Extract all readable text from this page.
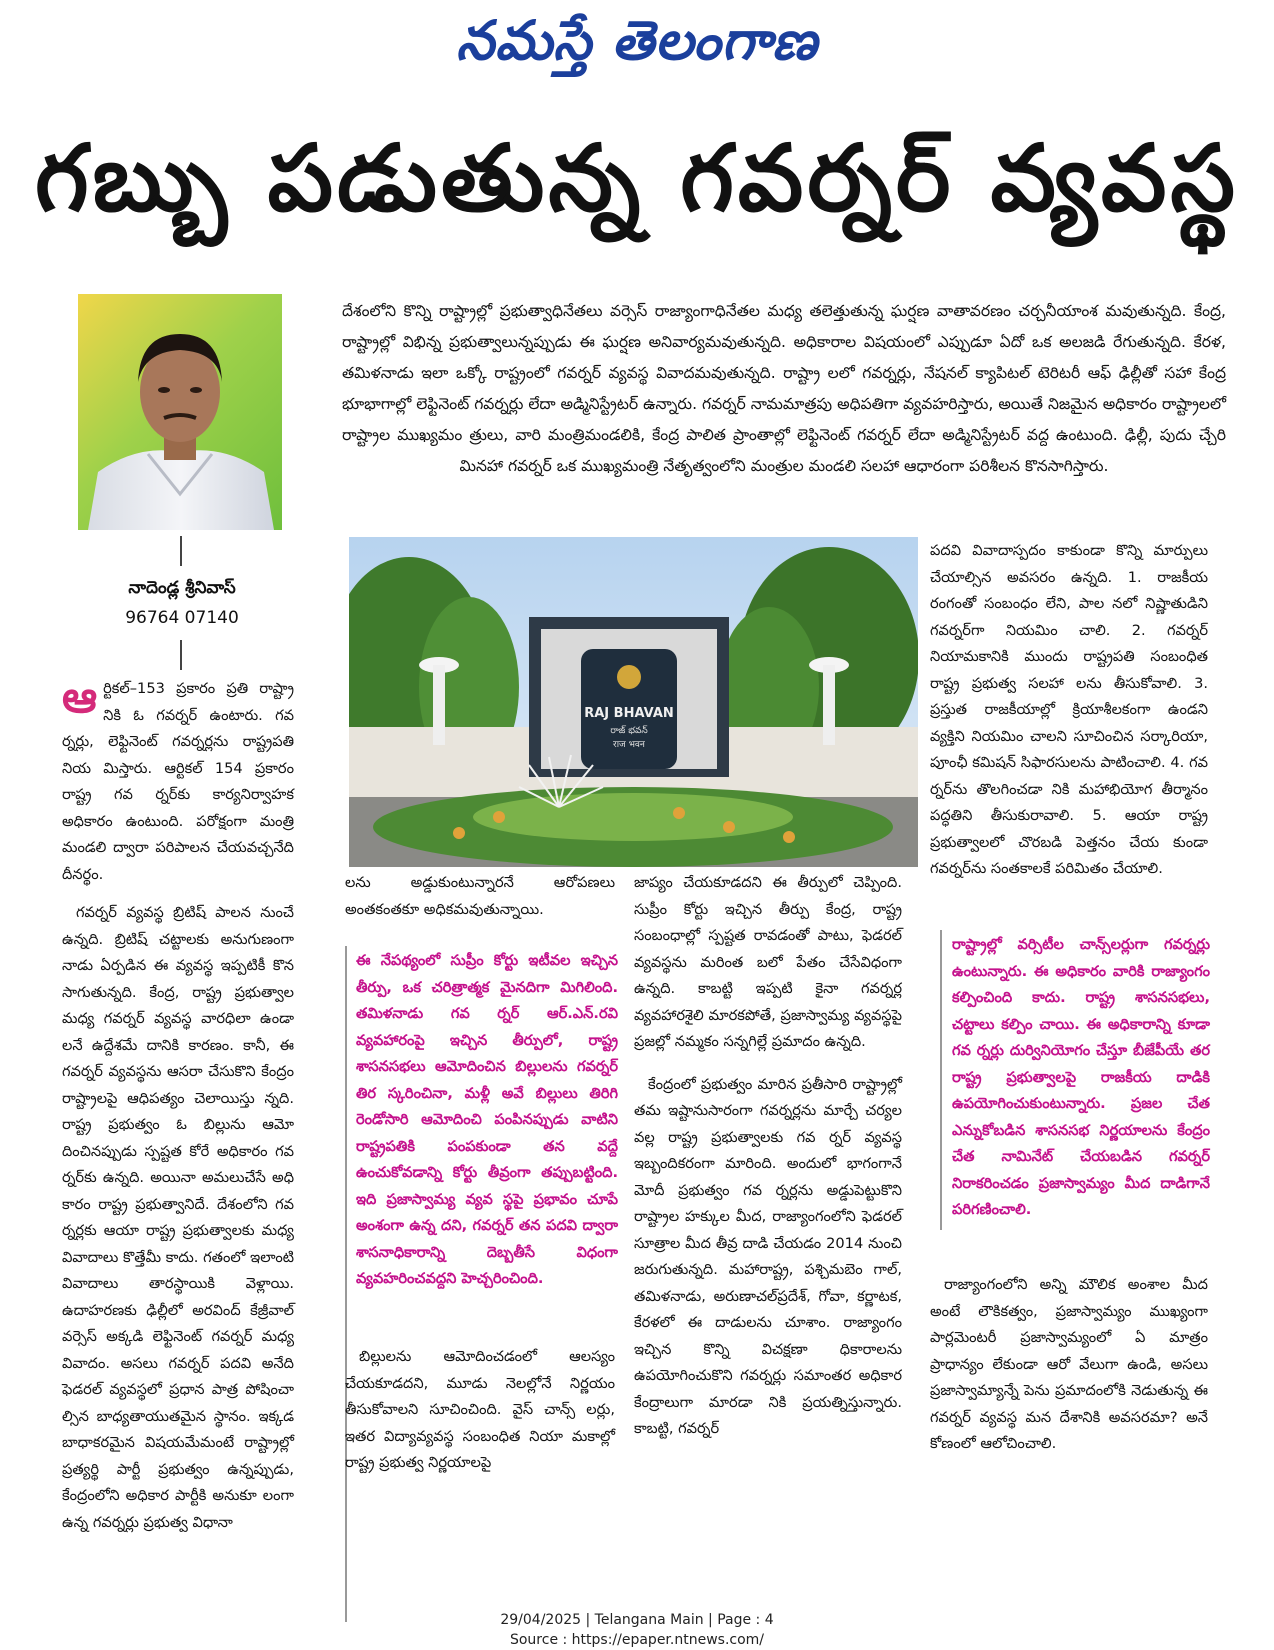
నమస్తే తెలంగాణ
గబ్బు పడుతున్న గవర్నర్ వ్యవస్థ
నాదెండ్ల శ్రీనివాస్
96764 07140
దేశంలోని కొన్ని రాష్ట్రాల్లో ప్రభుత్వాధినేతలు వర్సెస్ రాజ్యాంగాధినేతల మధ్య తలెత్తుతున్న ఘర్షణ వాతావరణం చర్చనీయాంశ మవుతున్నది. కేంద్ర, రాష్ట్రాల్లో విభిన్న ప్రభుత్వాలున్నప్పుడు ఈ ఘర్షణ అనివార్యమవుతున్నది. అధికారాల విషయంలో ఎప్పుడూ ఏదో ఒక అలజడి రేగుతున్నది. కేరళ, తమిళనాడు ఇలా ఒక్కో రాష్ట్రంలో గవర్నర్ వ్యవస్థ వివాదమవుతున్నది. రాష్ట్రా లలో గవర్నర్లు, నేషనల్ క్యాపిటల్ టెరిటరీ ఆఫ్ ఢిల్లీతో సహా కేంద్ర భూభాగాల్లో లెఫ్టినెంట్ గవర్నర్లు లేదా అడ్మినిస్ట్రేటర్ ఉన్నారు. గవర్నర్ నామమాత్రపు అధిపతిగా వ్యవహరిస్తారు, అయితే నిజమైన అధికారం రాష్ట్రాలలో రాష్ట్రాల ముఖ్యమం త్రులు, వారి మంత్రిమండలికి, కేంద్ర పాలిత ప్రాంతాల్లో లెఫ్టినెంట్ గవర్నర్ లేదా అడ్మినిస్ట్రేటర్ వద్ద ఉంటుంది. ఢిల్లీ, పుదు చ్చేరి మినహా గవర్నర్ ఒక ముఖ్యమంత్రి నేతృత్వంలోని మంత్రుల మండలి సలహా ఆధారంగా పరిశీలన కొనసాగిస్తారు.
RAJ BHAVAN
రాజ్ భవన్
राज भवन

ఆర్టికల్–153 ప్రకారం ప్రతి రాష్ట్రా నికి ఓ గవర్నర్ ఉంటారు. గవ ర్నర్లు, లెఫ్టినెంట్ గవర్నర్లను రాష్ట్రపతి నియ మిస్తారు. ఆర్టికల్ 154 ప్రకారం రాష్ట్ర గవ ర్నర్‌కు కార్యనిర్వాహక అధికారం ఉంటుంది. పరోక్షంగా మంత్రి మండలి ద్వారా పరిపాలన చేయవచ్చనేది దీనర్థం.

గవర్నర్ వ్యవస్థ బ్రిటిష్ పాలన నుంచే ఉన్నది. బ్రిటిష్ చట్టాలకు అనుగుణంగా నాడు ఏర్పడిన ఈ వ్యవస్థ ఇప్పటికీ కొన సాగుతున్నది. కేంద్ర, రాష్ట్ర ప్రభుత్వాల మధ్య గవర్నర్ వ్యవస్థ వారధిలా ఉండా లనే ఉద్దేశమే దానికి కారణం. కానీ, ఈ గవర్నర్ వ్యవస్థను ఆసరా చేసుకొని కేంద్రం రాష్ట్రాలపై ఆధిపత్యం చెలాయిస్తు న్నది. రాష్ట్ర ప్రభుత్వం ఓ బిల్లును ఆమో దించినప్పుడు స్పష్టత కోరే అధికారం గవ ర్నర్‌కు ఉన్నది. అయినా అమలుచేసే అధి కారం రాష్ట్ర ప్రభుత్వానిదే. దేశంలోని గవ ర్నర్లకు ఆయా రాష్ట్ర ప్రభుత్వాలకు మధ్య వివాదాలు కొత్తేమీ కాదు. గతంలో ఇలాంటి వివాదాలు తారస్థాయికి వెళ్లాయి. ఉదాహరణకు ఢిల్లీలో అరవింద్ కేజ్రీవాల్ వర్సెస్ అక్కడి లెఫ్టినెంట్ గవర్నర్ మధ్య వివాదం. అసలు గవర్నర్ పదవి అనేది ఫెడరల్ వ్యవస్థలో ప్రధాన పాత్ర పోషించా ల్సిన బాధ్యతాయుతమైన స్థానం. ఇక్కడ బాధాకరమైన విషయమేమంటే రాష్ట్రాల్లో ప్రత్యర్థి పార్టీ ప్రభుత్వం ఉన్నప్పుడు, కేంద్రంలోని అధికార పార్టీకి అనుకూ లంగా ఉన్న గవర్నర్లు ప్రభుత్వ విధానా

లను అడ్డుకుంటున్నారనే ఆరోపణలు అంతకంతకూ అధికమవుతున్నాయి.

ఈ నేపథ్యంలో సుప్రీం కోర్టు ఇటీవల ఇచ్చిన తీర్పు, ఒక చరిత్రాత్మక మైనదిగా మిగిలింది. తమిళనాడు గవ ర్నర్ ఆర్.ఎన్.రవి వ్యవహారంపై ఇచ్చిన తీర్పులో, రాష్ట్ర శాసనసభలు ఆమోదించిన బిల్లులను గవర్నర్ తిర స్కరించినా, మళ్లీ అవే బిల్లులు తిరిగి రెండోసారి ఆమోదించి పంపినప్పుడు వాటిని రాష్ట్రపతికి పంపకుండా తన వద్దే ఉంచుకోవడాన్ని కోర్టు తీవ్రంగా తప్పుబట్టింది. ఇది ప్రజాస్వామ్య వ్యవ స్థపై ప్రభావం చూపే అంశంగా ఉన్న దని, గవర్నర్ తన పదవి ద్వారా శాసనాధికారాన్ని దెబ్బతీసే విధంగా వ్యవహరించవద్దని హెచ్చరించింది.

బిల్లులను ఆమోదించడంలో ఆలస్యం చేయకూడదని, మూడు నెలల్లోనే నిర్ణయం తీసుకోవాలని సూచించింది. వైస్ చాన్స్ లర్లు, ఇతర విద్యావ్యవస్థ సంబంధిత నియా మకాల్లో రాష్ట్ర ప్రభుత్వ నిర్ణయాలపై

జాప్యం చేయకూడదని ఈ తీర్పులో చెప్పింది. సుప్రీం కోర్టు ఇచ్చిన తీర్పు కేంద్ర, రాష్ట్ర సంబంధాల్లో స్పష్టత రావడంతో పాటు, ఫెడరల్ వ్యవస్థను మరింత బలో పేతం చేసేవిధంగా ఉన్నది. కాబట్టి ఇప్పటి కైనా గవర్నర్ల వ్యవహారశైలి మారకపోతే, ప్రజాస్వామ్య వ్యవస్థపై ప్రజల్లో నమ్మకం సన్నగిల్లే ప్రమాదం ఉన్నది.

కేంద్రంలో ప్రభుత్వం మారిన ప్రతీసారి రాష్ట్రాల్లో తమ ఇష్టానుసారంగా గవర్నర్లను మార్చే చర్యల వల్ల రాష్ట్ర ప్రభుత్వాలకు గవ ర్నర్ వ్యవస్థ ఇబ్బందికరంగా మారింది. అందులో భాగంగానే మోదీ ప్రభుత్వం గవ ర్నర్లను అడ్డుపెట్టుకొని రాష్ట్రాల హక్కుల మీద, రాజ్యాంగంలోని ఫెడరల్ సూత్రాల మీద తీవ్ర దాడి చేయడం 2014 నుంచి జరుగుతున్నది. మహారాష్ట్ర, పశ్చిమబెం గాల్, తమిళనాడు, అరుణాచల్‌ప్రదేశ్, గోవా, కర్ణాటక, కేరళలో ఈ దాడులను చూశాం. రాజ్యాంగం ఇచ్చిన కొన్ని విచక్షణా ధికారాలను ఉపయోగించుకొని గవర్నర్లు సమాంతర అధికార కేంద్రాలుగా మారడా నికి ప్రయత్నిస్తున్నారు. కాబట్టి, గవర్నర్

పదవి వివాదాస్పదం కాకుండా కొన్ని మార్పులు చేయాల్సిన అవసరం ఉన్నది. 1. రాజకీయ రంగంతో సంబంధం లేని, పాల నలో నిష్ణాతుడిని గవర్నర్‌గా నియమిం చాలి. 2. గవర్నర్ నియామకానికి ముందు రాష్ట్రపతి సంబంధిత రాష్ట్ర ప్రభుత్వ సలహా లను తీసుకోవాలి. 3. ప్రస్తుత రాజకీయాల్లో క్రియాశీలకంగా ఉండని వ్యక్తిని నియమిం చాలని సూచించిన సర్కారియా, పూంఛీ కమిషన్ సిఫారసులను పాటించాలి. 4. గవ ర్నర్‌ను తొలగించడా నికి మహాభియోగ తీర్మానం పద్ధతిని తీసుకురావాలి. 5. ఆయా రాష్ట్ర ప్రభుత్వాలలో చొరబడి పెత్తనం చేయ కుండా గవర్నర్‌ను సంతకాలకే పరిమితం చేయాలి.

రాష్ట్రాల్లో వర్సిటీల చాన్స్‌లర్లుగా గవర్నర్లు ఉంటున్నారు. ఈ అధికారం వారికి రాజ్యాంగం కల్పించింది కాదు. రాష్ట్ర శాసనసభలు, చట్టాలు కల్పిం చాయి. ఈ అధికారాన్ని కూడా గవ ర్నర్లు దుర్వినియోగం చేస్తూ బీజేపీయే తర రాష్ట్ర ప్రభుత్వాలపై రాజకీయ దాడికి ఉపయోగించుకుంటున్నారు. ప్రజల చేత ఎన్నుకోబడిన శాసనసభ నిర్ణయాలను కేంద్రం చేత నామినేట్ చేయబడిన గవర్నర్ నిరాకరించడం ప్రజాస్వామ్యం మీద దాడిగానే పరిగణించాలి.

రాజ్యాంగంలోని అన్ని మౌలిక అంశాల మీద అంటే లౌకికత్వం, ప్రజాస్వామ్యం ముఖ్యంగా పార్లమెంటరీ ప్రజాస్వామ్యంలో ఏ మాత్రం ప్రాధాన్యం లేకుండా ఆరో వేలుగా ఉండి, అసలు ప్రజాస్వామ్యాన్నే పెను ప్రమాదంలోకి నెడుతున్న ఈ గవర్నర్ వ్యవస్థ మన దేశానికి అవసరమా? అనే కోణంలో ఆలోచించాలి.

29/04/2025 | Telangana Main | Page : 4
Source : https://epaper.ntnews.com/
